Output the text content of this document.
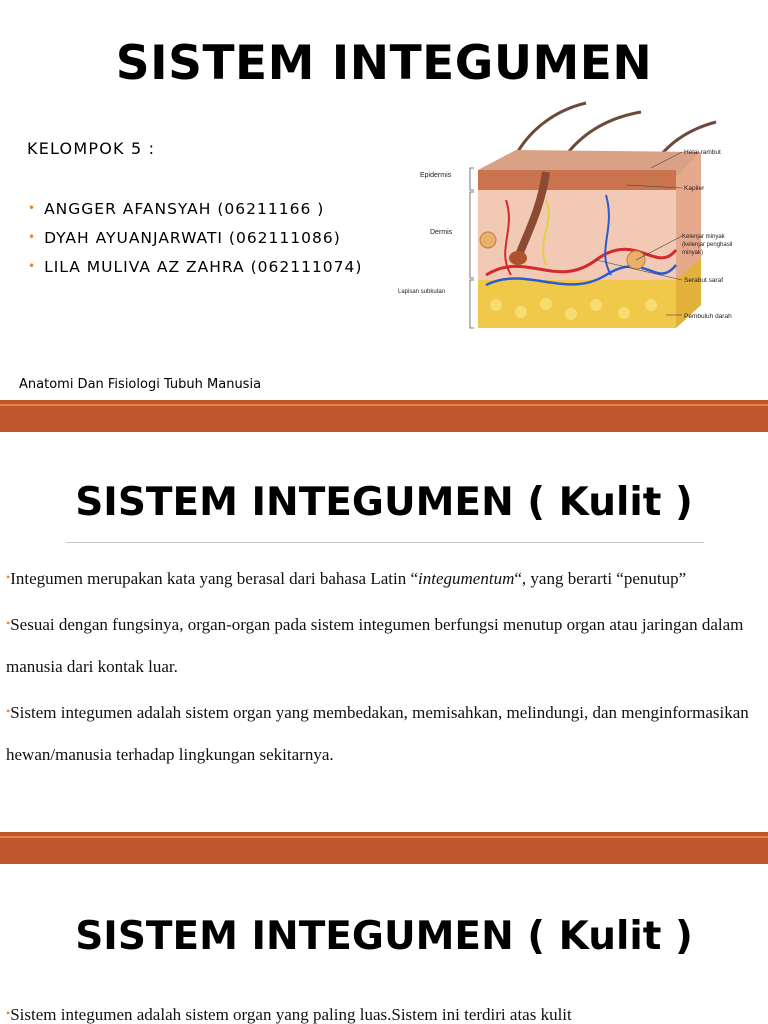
SISTEM INTEGUMEN
KELOMPOK 5 :
• ANGGER AFANSYAH (06211166 )
• DYAH AYUANJARWATI (062111086)
• LILA MULIVA AZ ZAHRA (062111074)
Epidermis
Dermis
Lapisan subkutan
Helai rambut
Kapiler
Kelenjar minyak
(kelenjar penghasil
minyak)
Serabut saraf
Pembuluh darah
Anatomi Dan Fisiologi Tubuh Manusia
SISTEM INTEGUMEN ( Kulit )

•Integumen merupakan kata yang berasal dari bahasa Latin “integumentum“, yang berarti “penutup”

•Sesuai dengan fungsinya, organ-organ pada sistem integumen berfungsi menutup organ atau jaringan dalam manusia dari kontak luar.

•Sistem integumen adalah sistem organ yang membedakan, memisahkan, melindungi, dan menginformasikan hewan/manusia terhadap lingkungan sekitarnya.

SISTEM INTEGUMEN ( Kulit )

•Sistem integumen adalah sistem organ yang paling luas.Sistem ini terdiri atas kulit
